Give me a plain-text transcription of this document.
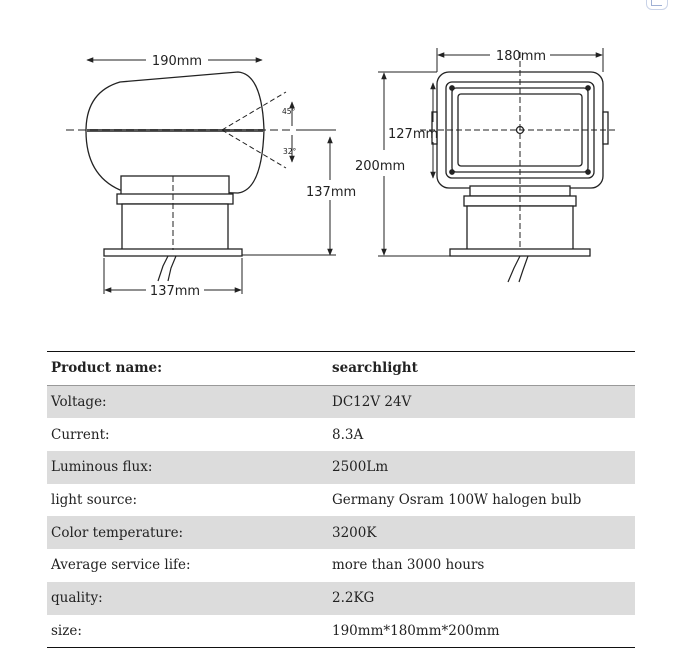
45°
32°
190mm
137mm
137mm
180mm
127mm
200mm
Product name:	searchlight
Voltage:	DC12V 24V
Current:	8.3A
Luminous flux:	2500Lm
light source:	Germany Osram 100W halogen bulb
Color temperature:	3200K
Average service life:	more than 3000 hours
quality:	2.2KG
size:	190mm*180mm*200mm
